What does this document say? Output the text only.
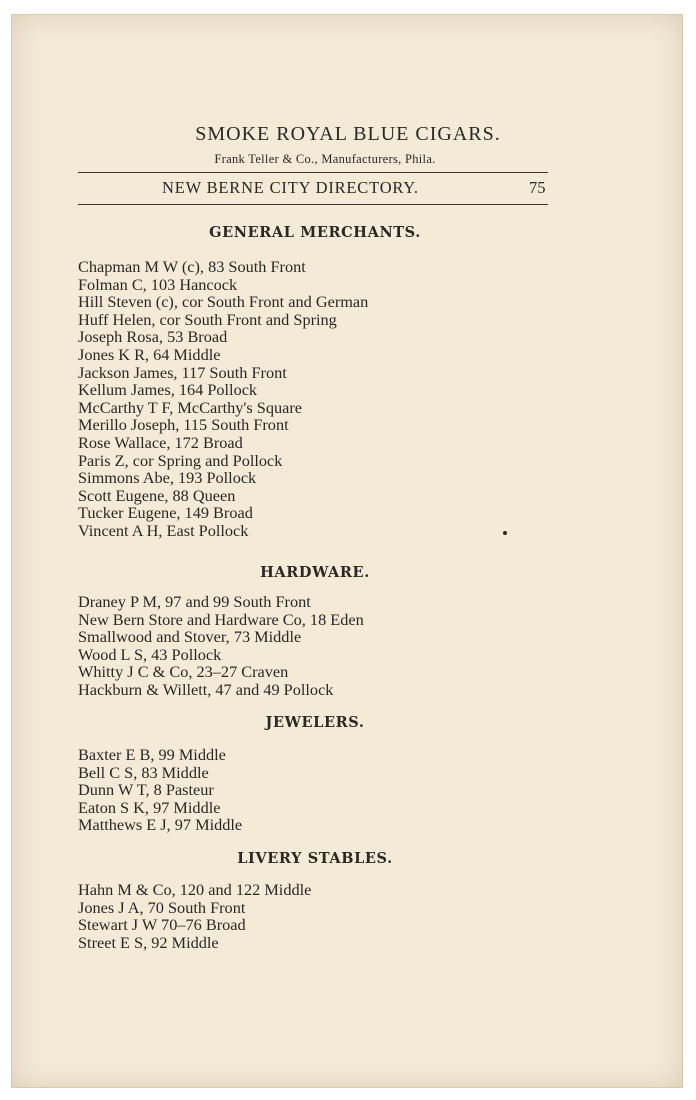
SMOKE ROYAL BLUE CIGARS.
Frank Teller & Co., Manufacturers, Phila.
NEW BERNE CITY DIRECTORY.	75
GENERAL MERCHANTS.
Chapman M W (c), 83 South Front
Folman C, 103 Hancock
Hill Steven (c), cor South Front and German
Huff Helen, cor South Front and Spring
Joseph Rosa, 53 Broad
Jones K R, 64 Middle
Jackson James, 117 South Front
Kellum James, 164 Pollock
McCarthy T F, McCarthy's Square
Merillo Joseph, 115 South Front
Rose Wallace, 172 Broad
Paris Z, cor Spring and Pollock
Simmons Abe, 193 Pollock
Scott Eugene, 88 Queen
Tucker Eugene, 149 Broad
Vincent A H, East Pollock
HARDWARE.
Draney P M, 97 and 99 South Front
New Bern Store and Hardware Co, 18 Eden
Smallwood and Stover, 73 Middle
Wood L S, 43 Pollock
Whitty J C & Co, 23–27 Craven
Hackburn & Willett, 47 and 49 Pollock
JEWELERS.
Baxter E B, 99 Middle
Bell C S, 83 Middle
Dunn W T, 8 Pasteur
Eaton S K, 97 Middle
Matthews E J, 97 Middle
LIVERY STABLES.
Hahn M & Co, 120 and 122 Middle
Jones J A, 70 South Front
Stewart J W 70–76 Broad
Street E S, 92 Middle
